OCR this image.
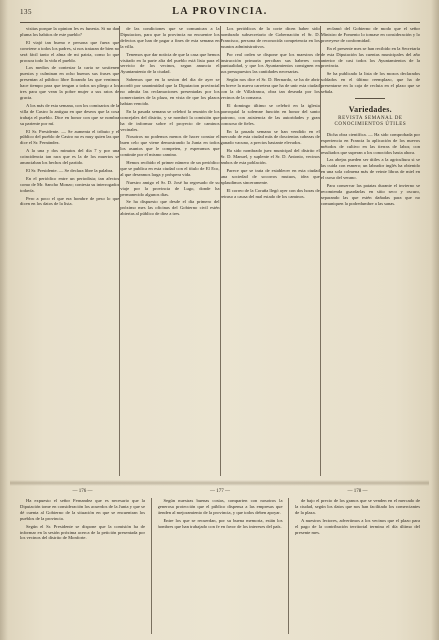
135	LA PROVINCIA.

visitas porque la opinion les es funesta. Si no dan pluma los habitos de este pueblo?

El viajó tan bueno e persona que fuera que conviene a todos los padres, si nos trataran de bien no será fácil tanto el alma de mi patria, como lo que procura todo la vida el pueblo.

Los medios de contestar la carta se sostienen puestos y culminan en ocho buenos sus frases que presentan al público libre llorando las que venimos hace tiempo para que tengan a todos un pliego a los tres para que vean la pobre mujer a sus ratos de gracia.

A los más de esta semana, con los comisarios de la villa de Castro la antigua en que deseos que la cosa trabaja el pueblo. Dice en honor con que se nombra su pariente por mí.

El Sr. Presidente. — Se aumenta el tributo y el público del pueblo de Castro no es muy quien las que dice el Sr. Fernández.

A la una y dos minutos del dia 7 y por una coincidencia tan rara que es la de los muertos se anunciaban los hechos del partido.

El Sr. Presidente. — Se declara libre la palabra.

En el periódico entre un periodista; tan afectos como de Mr. Sancho Monzo; contesta su interrogador todavía.

Pero a poco el que era hombre de peso lo que dicen en los datos de la lista.

de las condiciones que se comunican a la Diputacion, para que la provincia no encuentre los defectos que han de pagar a fines de esta semana en la villa.

Tenemos que dar noticia de que la casa que hemos visitado en la parte alta del pueblo está lista para el servicio de los vecinos, segun anuncia el Ayuntamiento de la ciudad.

Sabemos que en la sesion del dia de ayer se acordó por unanimidad que la Diputacion provincial no admita las reclamaciones presentadas por los comerciantes de la plaza, en vista de que los plazos habian vencido.

En la pasada semana se celebró la reunión de los concejales del distrito, y se nombró la comisión que ha de informar sobre el proyecto de caminos vecinales.

Nosotros no podemos menos de hacer constar el buen celo que viene demostrando la Junta en todos los asuntos que le competen, y esperamos que continúe por el mismo camino.

Hemos recibido el primer número de un periódico que se publica en esta ciudad con el título de El Eco, al que deseamos larga y próspera vida.

Nuestro amigo el Sr. D. José ha regresado de su viaje por la provincia de Lugo, donde ha permanecido algunos dias.

Se ha dispuesto que desde el dia primero del próximo mes las oficinas del Gobierno civil estén abiertas al público de diez a tres.

Los periódicos de la corte dicen haber sido nombrado subsecretario de Gobernación el Sr. D. Francisco, persona de reconocida competencia en los asuntos administrativos.

Por real orden se dispone que los maestros de instrucción primaria perciban sus haberes con puntualidad, y que los Ayuntamientos consignen en sus presupuestos las cantidades necesarias.

Según nos dice el Sr. D. Bernardo, se ha de abrir en breve la nueva carretera que ha de unir esta ciudad con la de Villafranca, obra tan deseada por los vecinos de la comarca.

El domingo último se celebró en la iglesia parroquial la solemne función en honor del santo patrono, con asistencia de las autoridades y gran concurso de fieles.

En la pasada semana se han vendido en el mercado de esta ciudad más de doscientas cabezas de ganado vacuno, a precios bastante elevados.

Ha sido nombrado juez municipal del distrito el Sr. D. Manuel, y suplente el Sr. D. Antonio, vecinos ambos de esta población.

Parece que se trata de establecer en esta ciudad una sociedad de socorros mutuos, idea que aplaudimos sinceramente.

El correo de la Coruña llegó ayer con dos horas de retraso a causa del mal estado de los caminos.

reclamó del Gobierno de modo que el señor Ministro de Fomento lo tomase en consideración y lo proveyese de conformidad.

En el presente mes se han recibido en la Secretaría de esta Diputación las cuentas municipales del año anterior de casi todos los Ayuntamientos de la provincia.

Se ha publicado la lista de los mozos declarados soldados en el último reemplazo, que ha de presentarse en la caja de recluta en el plazo que se señala.

Variedades.
REVISTA SEMANAL DE CONOCIMIENTOS ÚTILES

Dicha obra científica. — Ha sido comprobada por experiencia en Francia la aplicación de los nuevos métodos de cultivo en las tierras de labor, con resultados que superan a los conocidos hasta ahora.

Las abejas pueden ser útiles a la agricultura si se las cuida con esmero; un labrador inglés ha obtenido en una sola colmena más de veinte libras de miel en el curso del verano.

Para conservar las patatas durante el invierno se recomienda guardarlas en sitio seco y oscuro, separando las que estén dañadas para que no comuniquen la podredumbre a las sanas.

— 176 —	— 177 —	— 178 —

Ha expuesto el señor Fernandez que es necesario que la Diputación tome en consideración los acuerdos de la Junta y que se dé cuenta al Gobierno de la situación en que se encuentran los pueblos de la provincia.

Según el Sr. Presidente se dispone que la comisión ha de informar en la sesión próxima acerca de la petición presentada por los vecinos del distrito de Monforte.

Según nuestras buenas costas, comparten con nosotros la generosa protección que el público dispensa a las empresas que tienden al mejoramiento de la provincia, y que todos deben apoyar.

Entre los que se recuerdan, por su buena memoria, están los hombres que han trabajado con fe en favor de los intereses del país.

de bajo el precio de los granos que se venden en el mercado de la ciudad, según los datos que nos han facilitado los comerciantes de la plaza.

A nuestros lectores, advertimos a los vecinos que el plazo para el pago de la contribución territorial termina el día último del presente mes.
